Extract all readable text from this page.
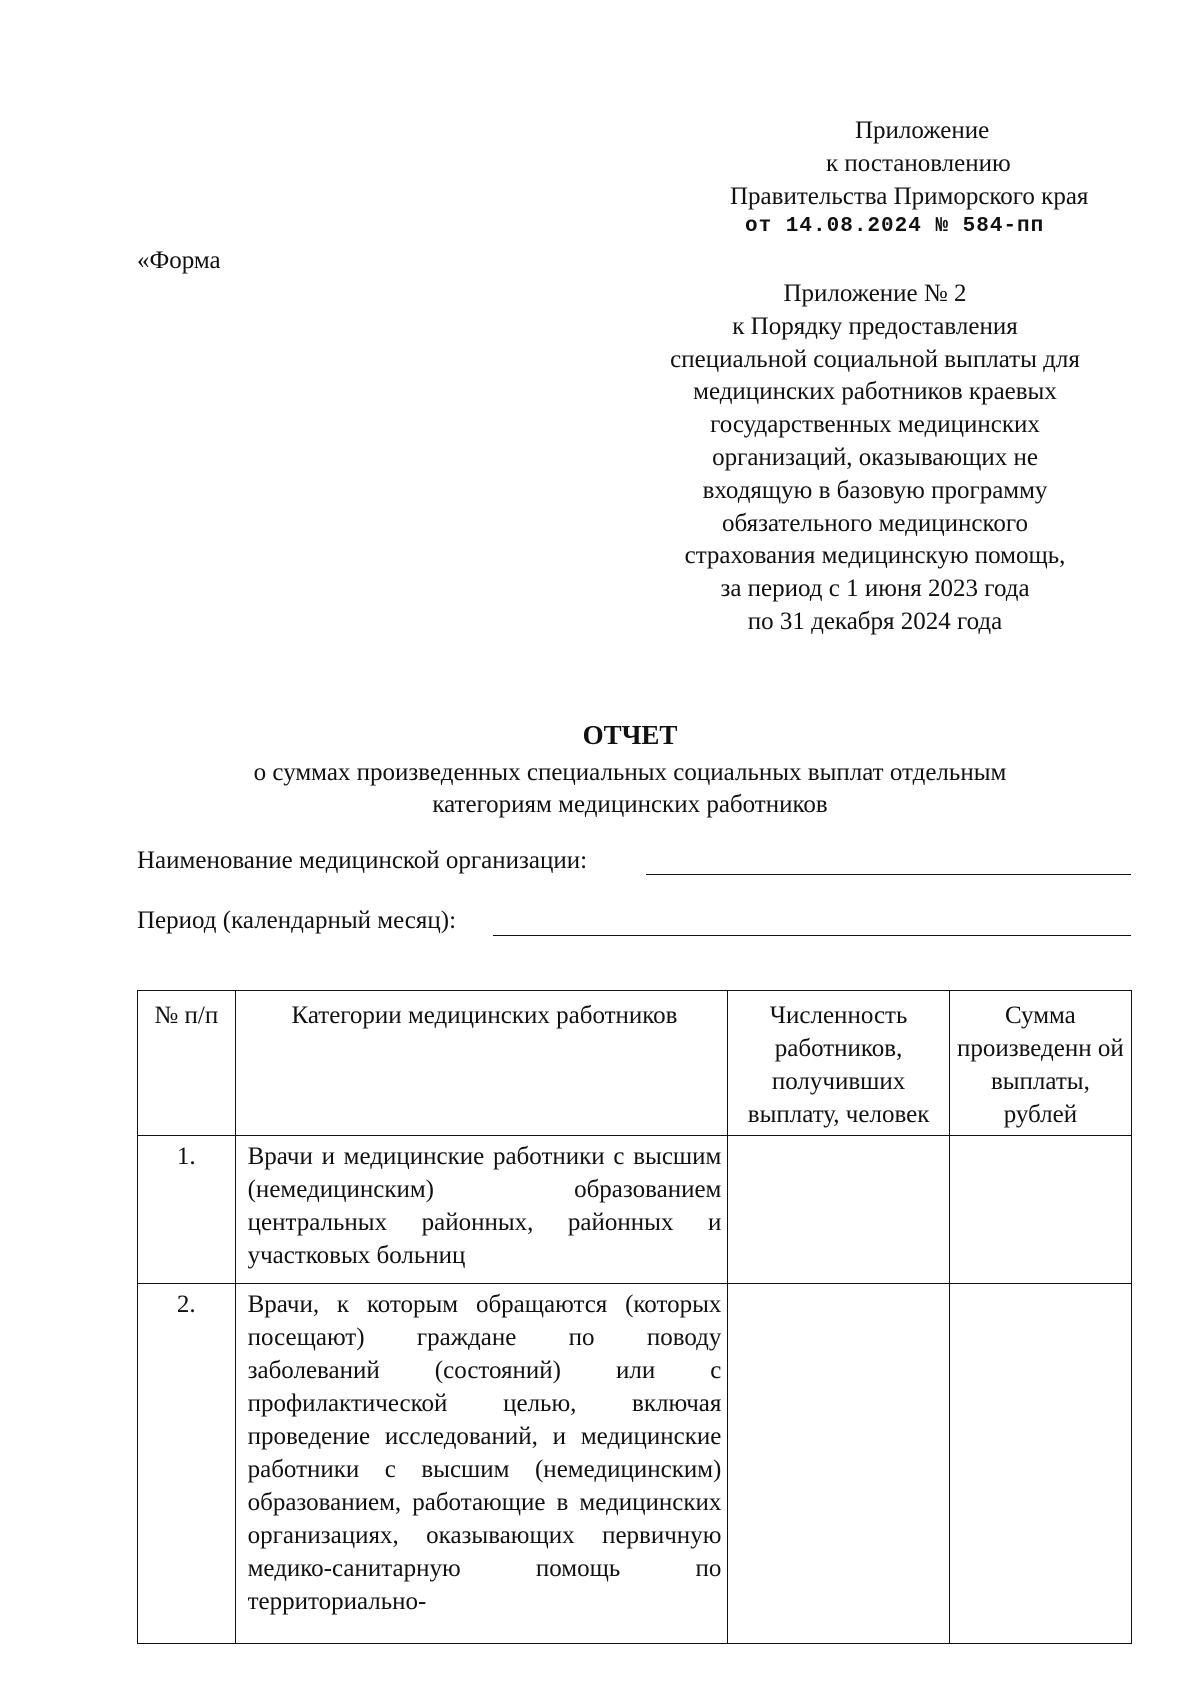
Приложение
к постановлению
Правительства Приморского края
от 14.08.2024 № 584-пп
«Форма
Приложение № 2
к Порядку предоставления
специальной социальной выплаты для
медицинских работников краевых
государственных медицинских
организаций, оказывающих не
входящую в базовую программу
обязательного медицинского
страхования медицинскую помощь,
за период с 1 июня 2023 года
по 31 декабря 2024 года
ОТЧЕТ
о суммах произведенных специальных социальных выплат отдельным
категориям медицинских работников
Наименование медицинской организации:
Период (календарный месяц):
№ п/п	Категории медицинских работников	Численность работников, получивших выплату, человек	Сумма произведенн ой выплаты, рублей
1.	Врачи и медицинские работники с высшим (немедицинским) образованием центральных районных, районных и участковых больниц		
2.	Врачи, к которым обращаются (которых посещают) граждане по поводу заболеваний (состояний) или с профилактической целью, включая проведение исследований, и медицинские работники с высшим (немедицинским) образованием, работающие в медицинских организациях, оказывающих первичную медико-санитарную помощь по территориально-		
